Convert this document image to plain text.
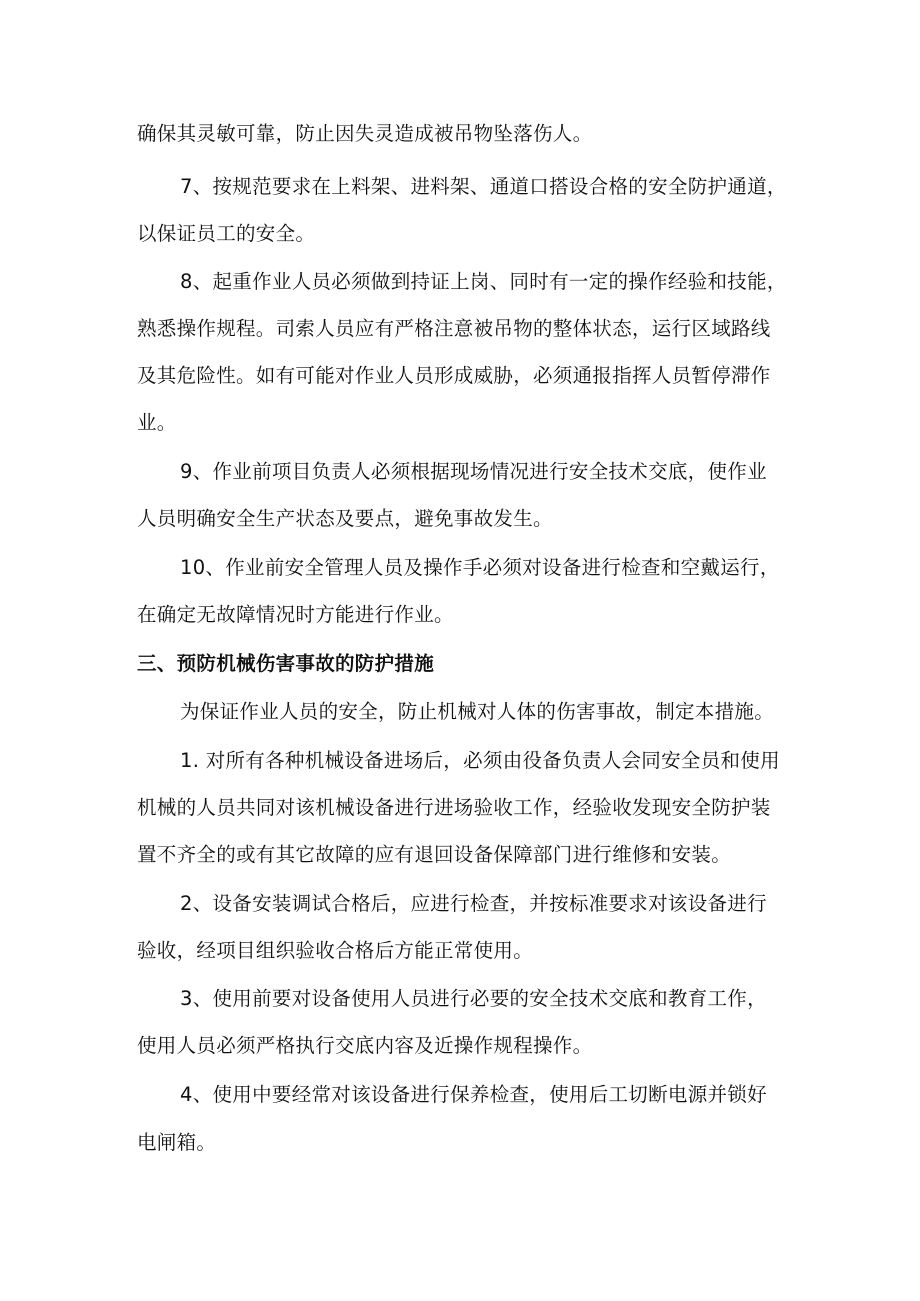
确保其灵敏可靠，防止因失灵造成被吊物坠落伤人。
7、按规范要求在上料架、进料架、通道口搭设合格的安全防护通道，
以保证员工的安全。
8、起重作业人员必须做到持证上岗、同时有一定的操作经验和技能，
熟悉操作规程。司索人员应有严格注意被吊物的整体状态，运行区域路线
及其危险性。如有可能对作业人员形成威胁，必须通报指挥人员暂停滞作
业。
9、作业前项目负责人必须根据现场情况进行安全技术交底，使作业
人员明确安全生产状态及要点，避免事故发生。
10、作业前安全管理人员及操作手必须对设备进行检查和空戴运行，
在确定无故障情况时方能进行作业。
三、预防机械伤害事故的防护措施
为保证作业人员的安全，防止机械对人体的伤害事故，制定本措施。
1. 对所有各种机械设备进场后，必须由役备负责人会同安全员和使用
机械的人员共同对该机械设备进行进场验收工作，经验收发现安全防护装
置不齐全的或有其它故障的应有退回设备保障部门进行维修和安装。
2、设备安装调试合格后，应进行检查，并按标准要求对该设备进行
验收，经项目组织验收合格后方能正常使用。
3、使用前要对设备使用人员进行必要的安全技术交底和教育工作，
使用人员必须严格执行交底内容及近操作规程操作。
4、使用中要经常对该设备进行保养检查，使用后工切断电源并锁好
电闸箱。
